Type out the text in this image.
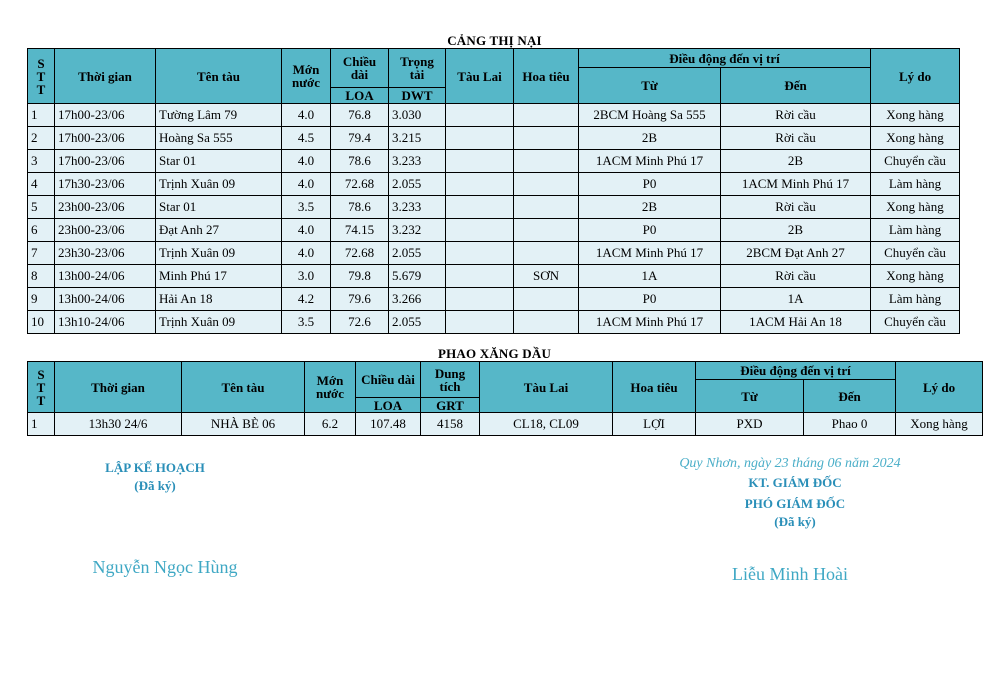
CẢNG THỊ NẠI
S T T	Thời gian	Tên tàu	Mớn nước	Chiều dài	Trọng tải	Tàu Lai	Hoa tiêu	Điều động đến vị trí		Lý do
								Từ	Đến	
				LOA	DWT					
1	17h00-23/06	Tường Lâm 79	4.0	76.8	3.030			2BCM Hoàng Sa 555	Rời cầu	Xong hàng
2	17h00-23/06	Hoàng Sa 555	4.5	79.4	3.215			2B	Rời cầu	Xong hàng
3	17h00-23/06	Star 01	4.0	78.6	3.233			1ACM Minh Phú 17	2B	Chuyển cầu
4	17h30-23/06	Trịnh Xuân 09	4.0	72.68	2.055			P0	1ACM Minh Phú 17	Làm hàng
5	23h00-23/06	Star 01	3.5	78.6	3.233			2B	Rời cầu	Xong hàng
6	23h00-23/06	Đạt Anh 27	4.0	74.15	3.232			P0	2B	Làm hàng
7	23h30-23/06	Trịnh Xuân 09	4.0	72.68	2.055			1ACM Minh Phú 17	2BCM Đạt Anh 27	Chuyển cầu
8	13h00-24/06	Minh Phú 17	3.0	79.8	5.679		SƠN	1A	Rời cầu	Xong hàng
9	13h00-24/06	Hải An 18	4.2	79.6	3.266			P0	1A	Làm hàng
10	13h10-24/06	Trịnh Xuân 09	3.5	72.6	2.055			1ACM Minh Phú 17	1ACM Hải An 18	Chuyển cầu
PHAO XĂNG DẦU
S T T	Thời gian	Tên tàu	Mớn nước	Chiều dài	Dung tích	Tàu Lai	Hoa tiêu	Điều động đến vị trí		Lý do
								Từ	Đến	
				LOA	GRT					
1	13h30 24/6	NHÀ BÈ 06	6.2	107.48	4158	CL18, CL09	LỢI	PXD	Phao 0	Xong hàng
LẬP KẾ HOẠCH
(Đã ký)
Nguyễn Ngọc Hùng
Quy Nhơn, ngày 23 tháng 06 năm 2024
KT. GIÁM ĐỐC
PHÓ GIÁM ĐỐC
(Đã ký)
Liễu Minh Hoài
